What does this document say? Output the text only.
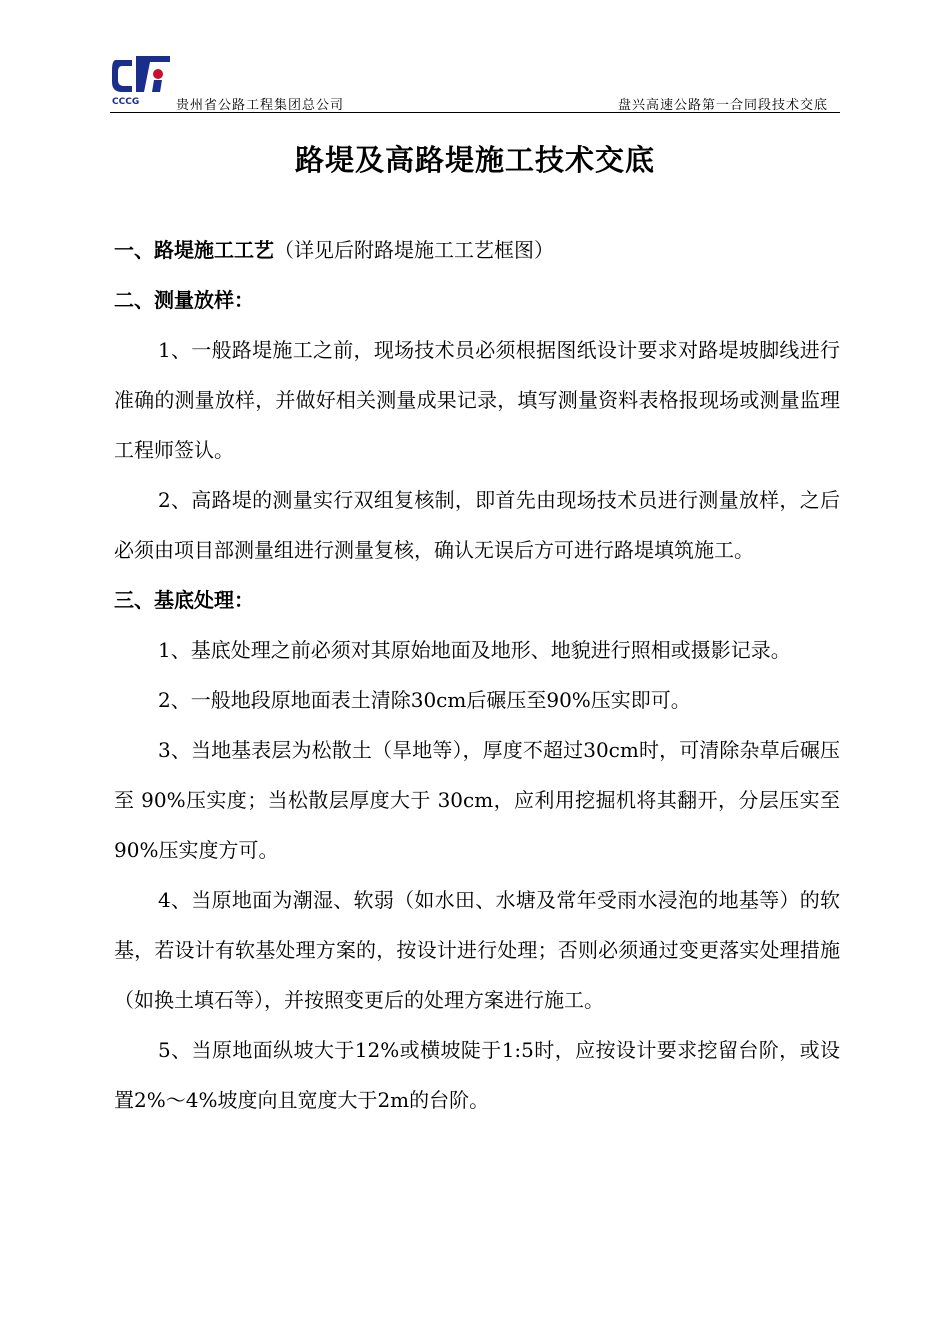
CCCG	贵州省公路工程集团总公司	盘兴高速公路第一合同段技术交底
路堤及高路堤施工技术交底
一、路堤施工工艺（详见后附路堤施工工艺框图）
二、测量放样：

1、一般路堤施工之前，现场技术员必须根据图纸设计要求对路堤坡脚线进行准确的测量放样，并做好相关测量成果记录，填写测量资料表格报现场或测量监理工程师签认。

2、高路堤的测量实行双组复核制，即首先由现场技术员进行测量放样，之后必须由项目部测量组进行测量复核，确认无误后方可进行路堤填筑施工。

三、基底处理：

1、基底处理之前必须对其原始地面及地形、地貌进行照相或摄影记录。

2、一般地段原地面表土清除30cm后碾压至90%压实即可。

3、当地基表层为松散土（旱地等），厚度不超过30cm时，可清除杂草后碾压至 90%压实度；当松散层厚度大于 30cm，应利用挖掘机将其翻开，分层压实至90%压实度方可。

4、当原地面为潮湿、软弱（如水田、水塘及常年受雨水浸泡的地基等）的软基，若设计有软基处理方案的，按设计进行处理；否则必须通过变更落实处理措施（如换土填石等），并按照变更后的处理方案进行施工。

5、当原地面纵坡大于12%或横坡陡于1:5时，应按设计要求挖留台阶，或设置2%～4%坡度向且宽度大于2m的台阶。
